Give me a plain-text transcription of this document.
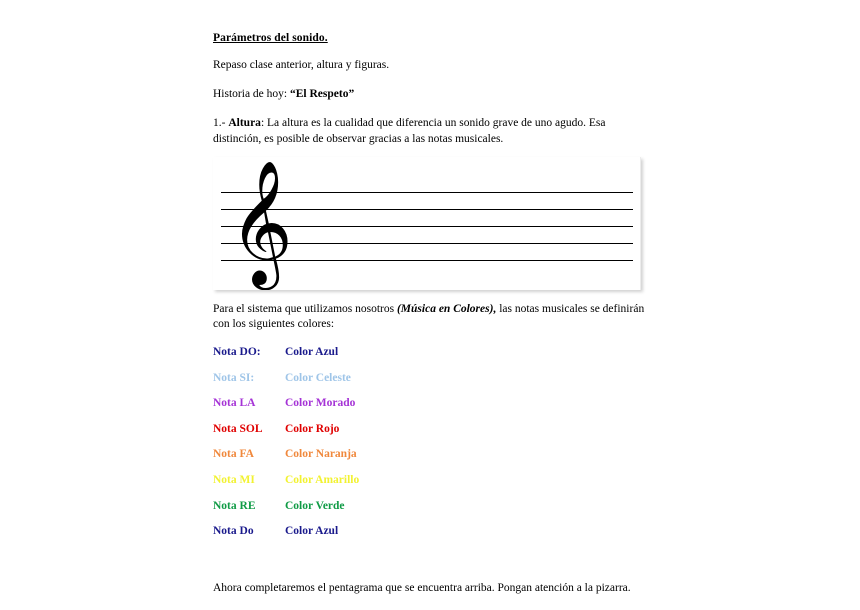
Parámetros del sonido.

Repaso clase anterior, altura y figuras.

Historia de hoy: “El Respeto”

1.- Altura: La altura es la cualidad que diferencia un sonido grave de uno agudo. Esa distinción, es posible de observar gracias a las notas musicales.

𝄞

Para el sistema que utilizamos nosotros (Música en Colores), las notas musicales se definirán con los siguientes colores:

Nota DO:	Color Azul
Nota SI:	Color Celeste
Nota LA	Color Morado
Nota SOL	Color Rojo
Nota FA	Color Naranja
Nota MI	Color Amarillo
Nota RE	Color Verde
Nota Do	Color Azul

Ahora completaremos el pentagrama que se encuentra arriba. Pongan atención a la pizarra.
